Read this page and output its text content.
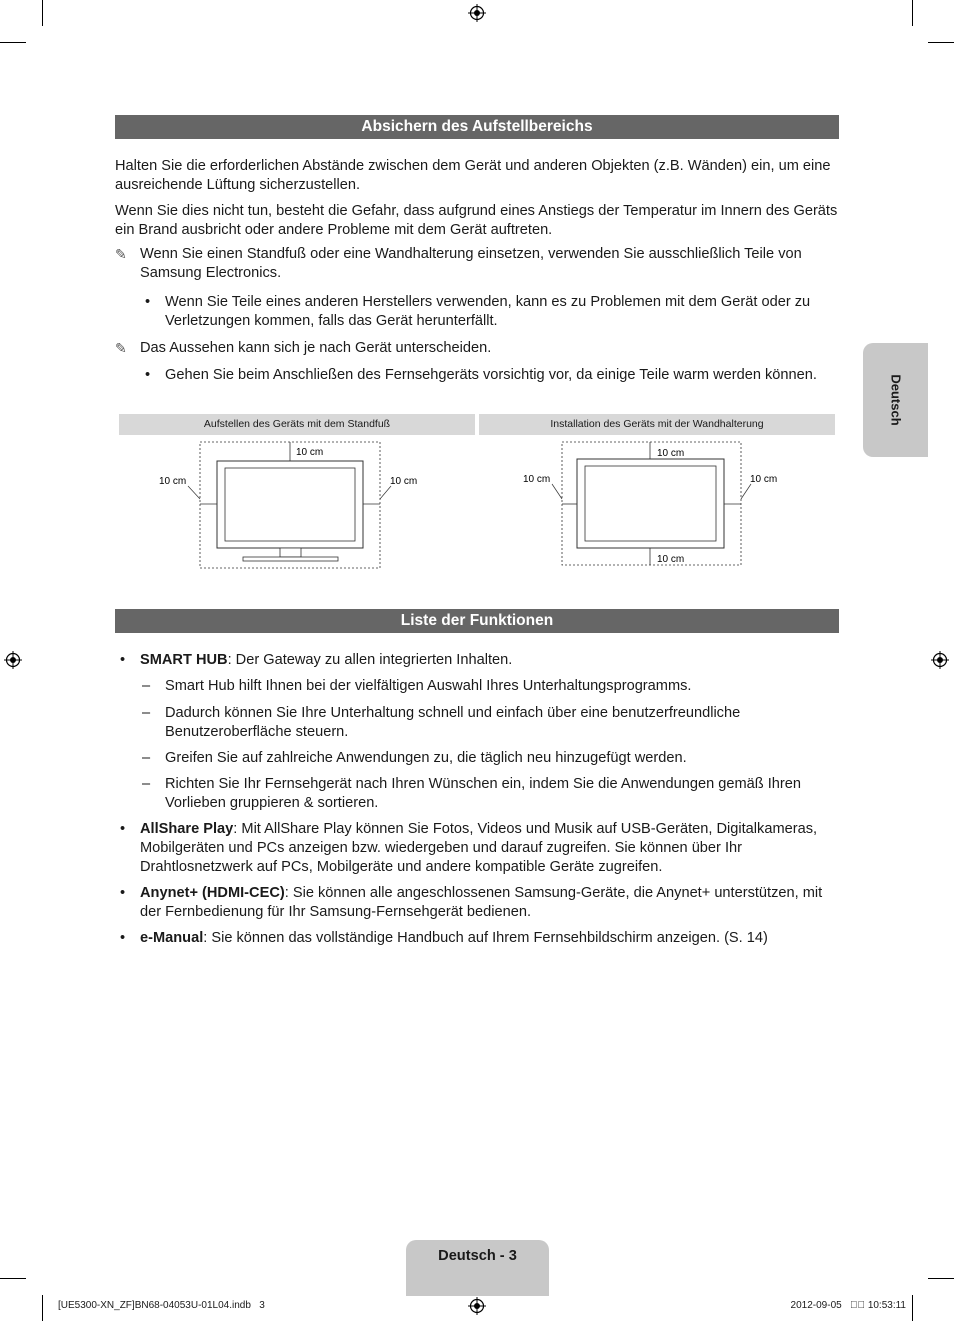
Absichern des Aufstellbereichs
Halten Sie die erforderlichen Abstände zwischen dem Gerät und anderen Objekten (z.B. Wänden) ein, um eine ausreichende Lüftung sicherzustellen.
Wenn Sie dies nicht tun, besteht die Gefahr, dass aufgrund eines Anstiegs der Temperatur im Innern des Geräts ein Brand ausbricht oder andere Probleme mit dem Gerät auftreten.
✎ Wenn Sie einen Standfuß oder eine Wandhalterung einsetzen, verwenden Sie ausschließlich Teile von Samsung Electronics.
• Wenn Sie Teile eines anderen Herstellers verwenden, kann es zu Problemen mit dem Gerät oder zu Verletzungen kommen, falls das Gerät herunterfällt.
✎ Das Aussehen kann sich je nach Gerät unterscheiden.
• Gehen Sie beim Anschließen des Fernsehgeräts vorsichtig vor, da einige Teile warm werden können.
Aufstellen des Geräts mit dem Standfuß	Installation des Geräts mit der Wandhalterung
10 cm
10 cm	10 cm
10 cm
10 cm
10 cm	10 cm
Liste der Funktionen
• SMART HUB: Der Gateway zu allen integrierten Inhalten.
– Smart Hub hilft Ihnen bei der vielfältigen Auswahl Ihres Unterhaltungsprogramms.
– Dadurch können Sie Ihre Unterhaltung schnell und einfach über eine benutzerfreundliche Benutzeroberfläche steuern.
– Greifen Sie auf zahlreiche Anwendungen zu, die täglich neu hinzugefügt werden.
– Richten Sie Ihr Fernsehgerät nach Ihren Wünschen ein, indem Sie die Anwendungen gemäß Ihren Vorlieben gruppieren & sortieren.
• AllShare Play: Mit AllShare Play können Sie Fotos, Videos und Musik auf USB-Geräten, Digitalkameras, Mobilgeräten und PCs anzeigen bzw. wiedergeben und darauf zugreifen. Sie können über Ihr Drahtlosnetzwerk auf PCs, Mobilgeräte und andere kompatible Geräte zugreifen.
• Anynet+ (HDMI-CEC): Sie können alle angeschlossenen Samsung-Geräte, die Anynet+ unterstützen, mit der Fernbedienung für Ihr Samsung-Fernsehgerät bedienen.
• e-Manual: Sie können das vollständige Handbuch auf Ihrem Fernsehbildschirm anzeigen. (S. 14)
Deutsch
Deutsch - 3
[UE5300-XN_ZF]BN68-04053U-01L04.indb   3	2012-09-05   ￿￿ 10:53:11
